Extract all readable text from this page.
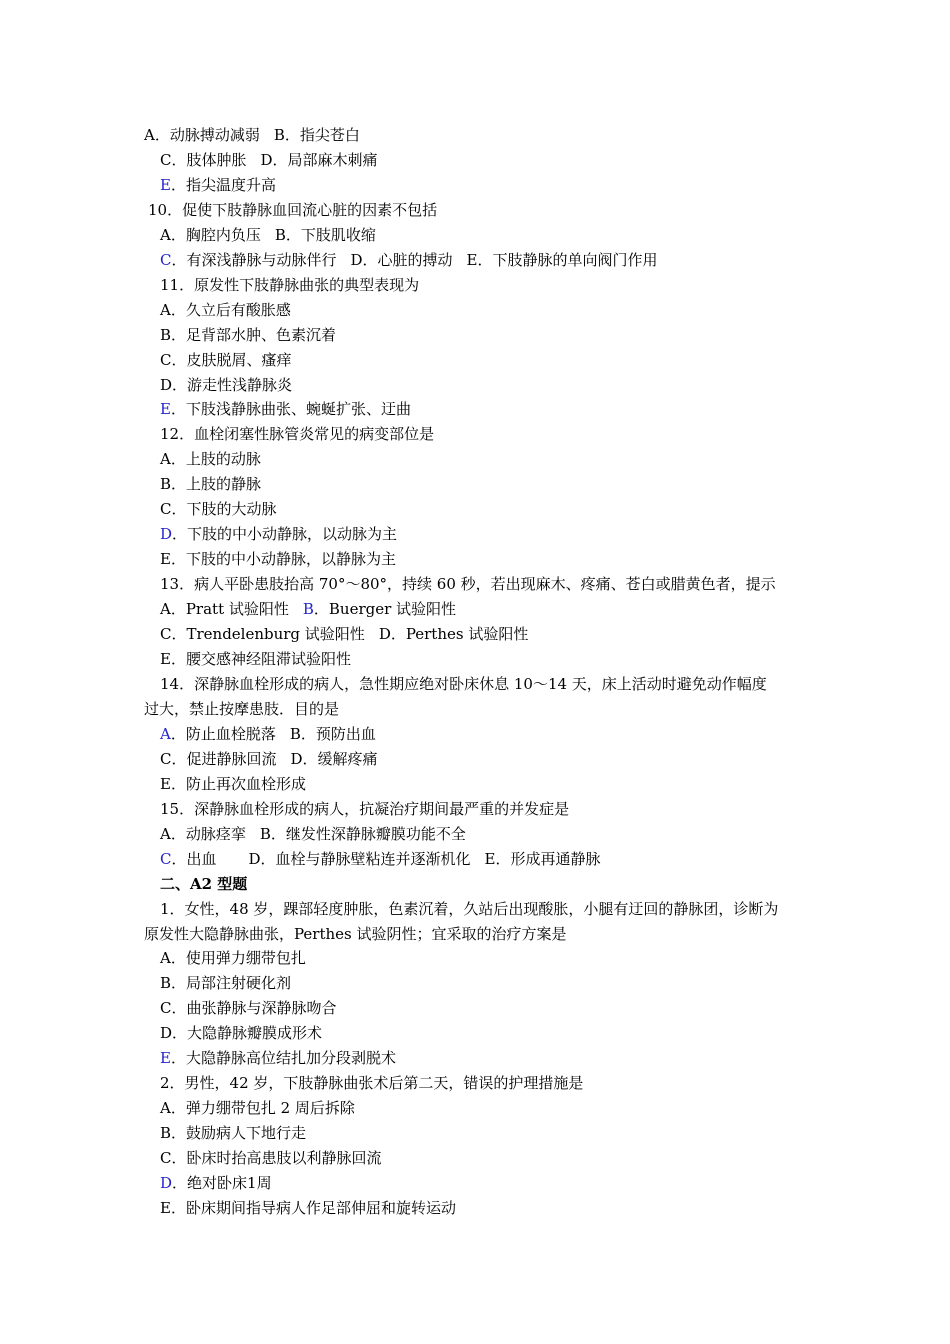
A．动脉搏动减弱 B．指尖苍白
C．肢体肿胀 D．局部麻木刺痛
E．指尖温度升高
10．促使下肢静脉血回流心脏的因素不包括
A．胸腔内负压 B．下肢肌收缩
C．有深浅静脉与动脉伴行 D．心脏的搏动 E．下肢静脉的单向阀门作用
11．原发性下肢静脉曲张的典型表现为
A．久立后有酸胀感
B．足背部水肿、色素沉着
C．皮肤脱屑、瘙痒
D．游走性浅静脉炎
E．下肢浅静脉曲张、蜿蜒扩张、迂曲
12．血栓闭塞性脉管炎常见的病变部位是
A．上肢的动脉
B．上肢的静脉
C．下肢的大动脉
D．下肢的中小动静脉，以动脉为主
E．下肢的中小动静脉，以静脉为主
13．病人平卧患肢抬高 70°～80°，持续 60 秒，若出现麻木、疼痛、苍白或腊黄色者，提示
A．Pratt 试验阳性 B．Buerger 试验阳性
C．Trendelenburg 试验阳性 D．Perthes 试验阳性
E．腰交感神经阻滞试验阳性
14．深静脉血栓形成的病人，急性期应绝对卧床休息 10～14 天，床上活动时避免动作幅度
过大，禁止按摩患肢．目的是
A．防止血栓脱落 B．预防出血
C．促进静脉回流 D．缓解疼痛
E．防止再次血栓形成
15．深静脉血栓形成的病人，抗凝治疗期间最严重的并发症是
A．动脉痉挛 B．继发性深静脉瓣膜功能不全
C．出血 D．血栓与静脉壁粘连并逐渐机化 E．形成再通静脉
二、A2 型题
1．女性，48 岁，踝部轻度肿胀，色素沉着，久站后出现酸胀，小腿有迂回的静脉团，诊断为
原发性大隐静脉曲张，Perthes 试验阴性；宜采取的治疗方案是
A．使用弹力绷带包扎
B．局部注射硬化剂
C．曲张静脉与深静脉吻合
D．大隐静脉瓣膜成形术
E．大隐静脉高位结扎加分段剥脱术
2．男性，42 岁，下肢静脉曲张术后第二天，错误的护理措施是
A．弹力绷带包扎 2 周后拆除
B．鼓励病人下地行走
C．卧床时抬高患肢以利静脉回流
D．绝对卧床1周
E．卧床期间指导病人作足部伸屈和旋转运动
